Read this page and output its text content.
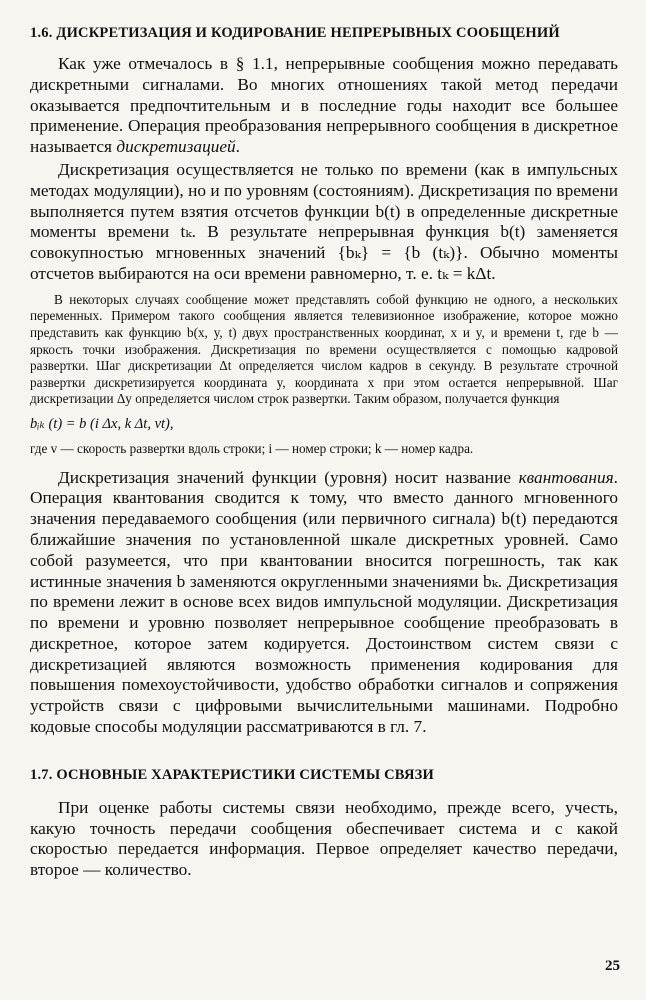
1.6. ДИСКРЕТИЗАЦИЯ И КОДИРОВАНИЕ НЕПРЕРЫВНЫХ СООБЩЕНИЙ

Как уже отмечалось в § 1.1, непрерывные сообщения можно передавать дискретными сигналами. Во многих отношениях такой метод передачи оказывается предпочтительным и в последние годы находит все большее применение. Операция преобразования непрерывного сообщения в дискретное называется дискретизацией.

Дискретизация осуществляется не только по времени (как в импульсных методах модуляции), но и по уровням (состояниям). Дискретизация по времени выполняется путем взятия отсчетов функции b(t) в определенные дискретные моменты времени tₖ. В результате непрерывная функция b(t) заменяется совокупностью мгновенных значений {bₖ} = {b (tₖ)}. Обычно моменты отсчетов выбираются на оси времени равномерно, т. е. tₖ = kΔt.

В некоторых случаях сообщение может представлять собой функцию не одного, а нескольких переменных. Примером такого сообщения является телевизионное изображение, которое можно представить как функцию b(x, y, t) двух пространственных координат, x и y, и времени t, где b — яркость точки изображения. Дискретизация по времени осуществляется с помощью кадровой развертки. Шаг дискретизации Δt определяется числом кадров в секунду. В результате строчной развертки дискретизируется координата y, координата x при этом остается непрерывной. Шаг дискретизации Δy определяется числом строк развертки. Таким образом, получается функция

bᵢₖ (t) = b (i Δx, k Δt, vt),

где v — скорость развертки вдоль строки; i — номер строки; k — номер кадра.

Дискретизация значений функции (уровня) носит название квантования. Операция квантования сводится к тому, что вместо данного мгновенного значения передаваемого сообщения (или первичного сигнала) b(t) передаются ближайшие значения по установленной шкале дискретных уровней. Само собой разумеется, что при квантовании вносится погрешность, так как истинные значения b заменяются округленными значениями bₖ. Дискретизация по времени лежит в основе всех видов импульсной модуляции. Дискретизация по времени и уровню позволяет непрерывное сообщение преобразовать в дискретное, которое затем кодируется. Достоинством систем связи с дискретизацией являются возможность применения кодирования для повышения помехоустойчивости, удобство обработки сигналов и сопряжения устройств связи с цифровыми вычислительными машинами. Подробно кодовые способы модуляции рассматриваются в гл. 7.

1.7. ОСНОВНЫЕ ХАРАКТЕРИСТИКИ СИСТЕМЫ СВЯЗИ

При оценке работы системы связи необходимо, прежде всего, учесть, какую точность передачи сообщения обеспечивает система и с какой скоростью передается информация. Первое определяет качество передачи, второе — количество.

25
